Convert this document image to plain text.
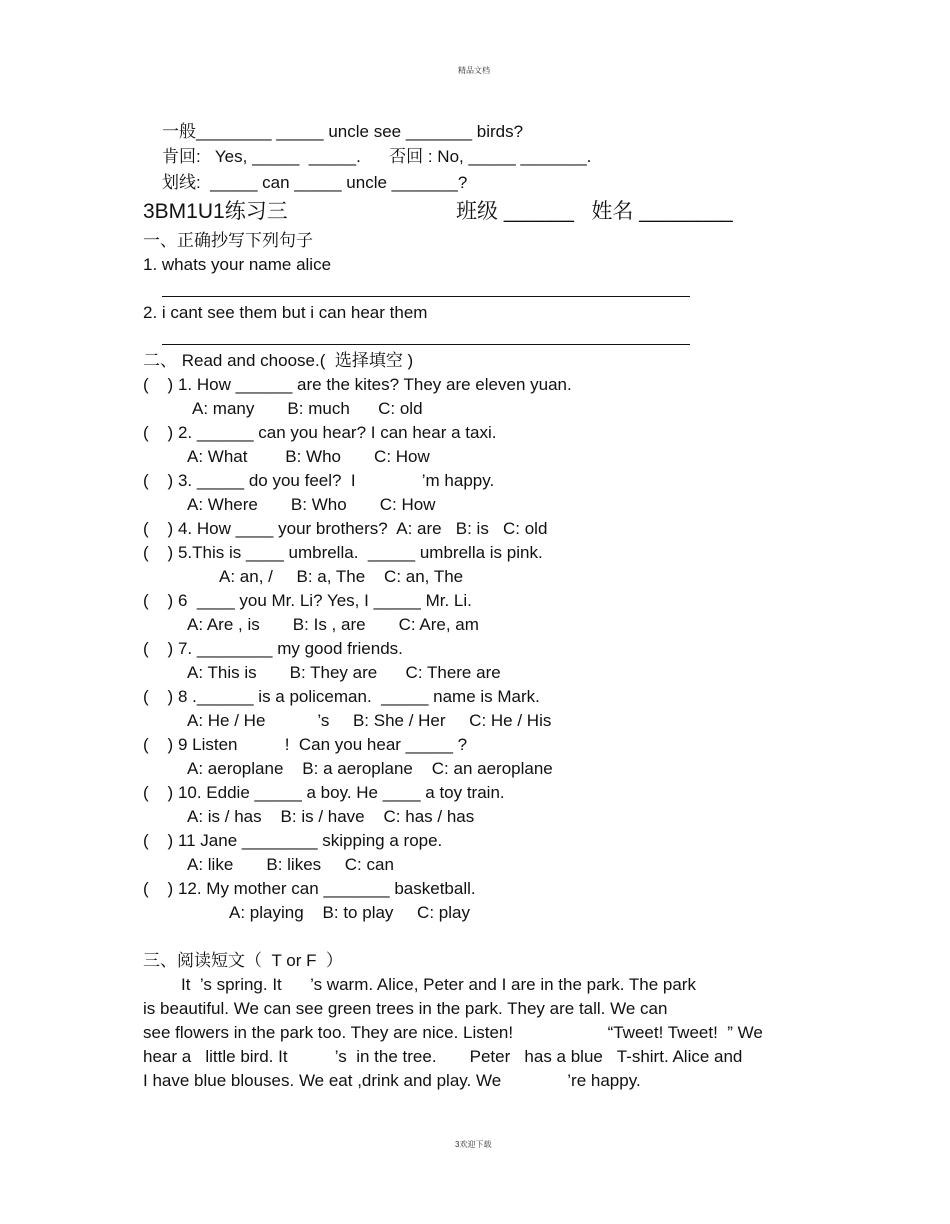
精品文档
一般________ _____ uncle see _______ birds?
肯回:   Yes, _____  _____.      否回 : No, _____ _______.
划线:  _____ can _____ uncle _______?
3BM1U1练习三	班级 ______   姓名 ________
一、正确抄写下列句子
1. whats your name alice
2. i cant see them but i can hear them
二、 Read and choose.(  选择填空 )
(    ) 1. How ______ are the kites? They are eleven yuan.
A: many       B: much      C: old
(    ) 2. ______ can you hear? I can hear a taxi.
A: What        B: Who       C: How
(    ) 3. _____ do you feel?  I              ’m happy.
A: Where       B: Who       C: How
(    ) 4. How ____ your brothers?  A: are   B: is   C: old
(    ) 5.This is ____ umbrella.  _____ umbrella is pink.
A: an, /     B: a, The    C: an, The
(    ) 6  ____ you Mr. Li? Yes, I _____ Mr. Li.
A: Are , is       B: Is , are       C: Are, am
(    ) 7. ________ my good friends.
A: This is       B: They are      C: There are
(    ) 8 .______ is a policeman.  _____ name is Mark.
A: He / He           ’s     B: She / Her     C: He / His
(    ) 9 Listen          !  Can you hear _____ ?
A: aeroplane    B: a aeroplane    C: an aeroplane
(    ) 10. Eddie _____ a boy. He ____ a toy train.
A: is / has    B: is / have    C: has / has
(    ) 11 Jane ________ skipping a rope.
A: like       B: likes     C: can
(    ) 12. My mother can _______ basketball.
A: playing    B: to play     C: play
三、阅读短文（  T or F  ）
It  ’s spring. It      ’s warm. Alice, Peter and I are in the park. The park
is beautiful. We can see green trees in the park. They are tall. We can
see flowers in the park too. They are nice. Listen!                    “Tweet! Tweet!  ” We
hear a   little bird. It          ’s  in the tree.       Peter   has a blue   T-shirt. Alice and
I have blue blouses. We eat ,drink and play. We              ’re happy.
3欢迎下载
